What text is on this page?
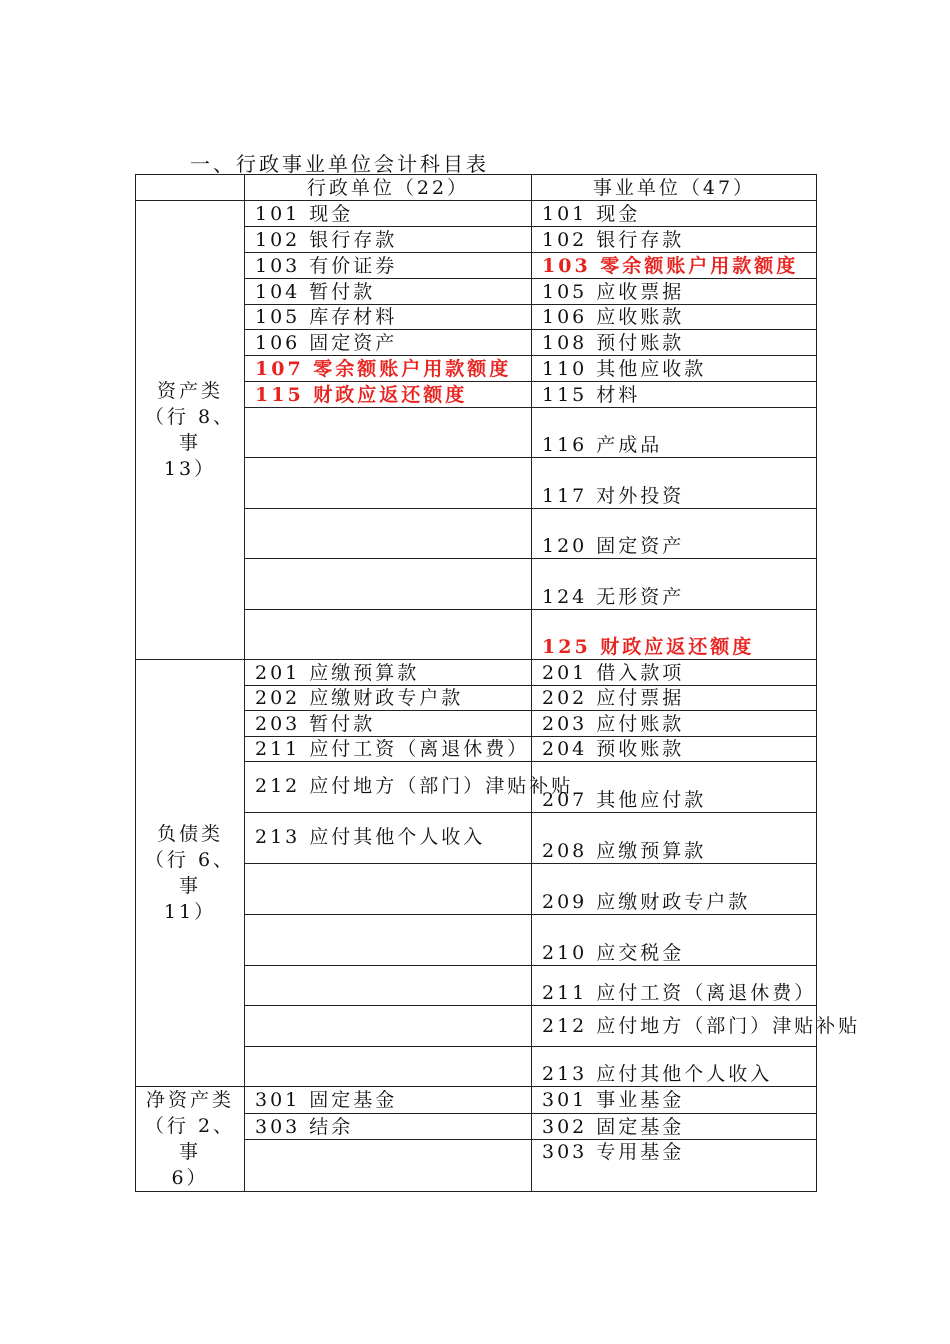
一、行政事业单位会计科目表
	行政单位（22）	事业单位（47）

资产类
（行 8、事
13）	101 现金	101 现金
	102 银行存款	102 银行存款
	103 有价证券	103 零余额账户用款额度
	104 暂付款	105 应收票据
	105 库存材料	106 应收账款
	106 固定资产	108 预付账款
	107 零余额账户用款额度	110 其他应收款
	115 财政应返还额度	115 材料
		116 产成品
		117 对外投资
		120 固定资产
		124 无形资产
		125 财政应返还额度

负债类
（行 6、事
11）	201 应缴预算款	201 借入款项
	202 应缴财政专户款	202 应付票据
	203 暂付款	203 应付账款
	211 应付工资（离退休费）	204 预收账款
	212 应付地方（部门）津贴补贴	207 其他应付款
	213 应付其他个人收入	208 应缴预算款
		209 应缴财政专户款
		210 应交税金
		211 应付工资（离退休费）
		212 应付地方（部门）津贴补贴
		213 应付其他个人收入

净资产类
（行 2、事
6）	301 固定基金	301 事业基金
	303 结余	302 固定基金
		303 专用基金
